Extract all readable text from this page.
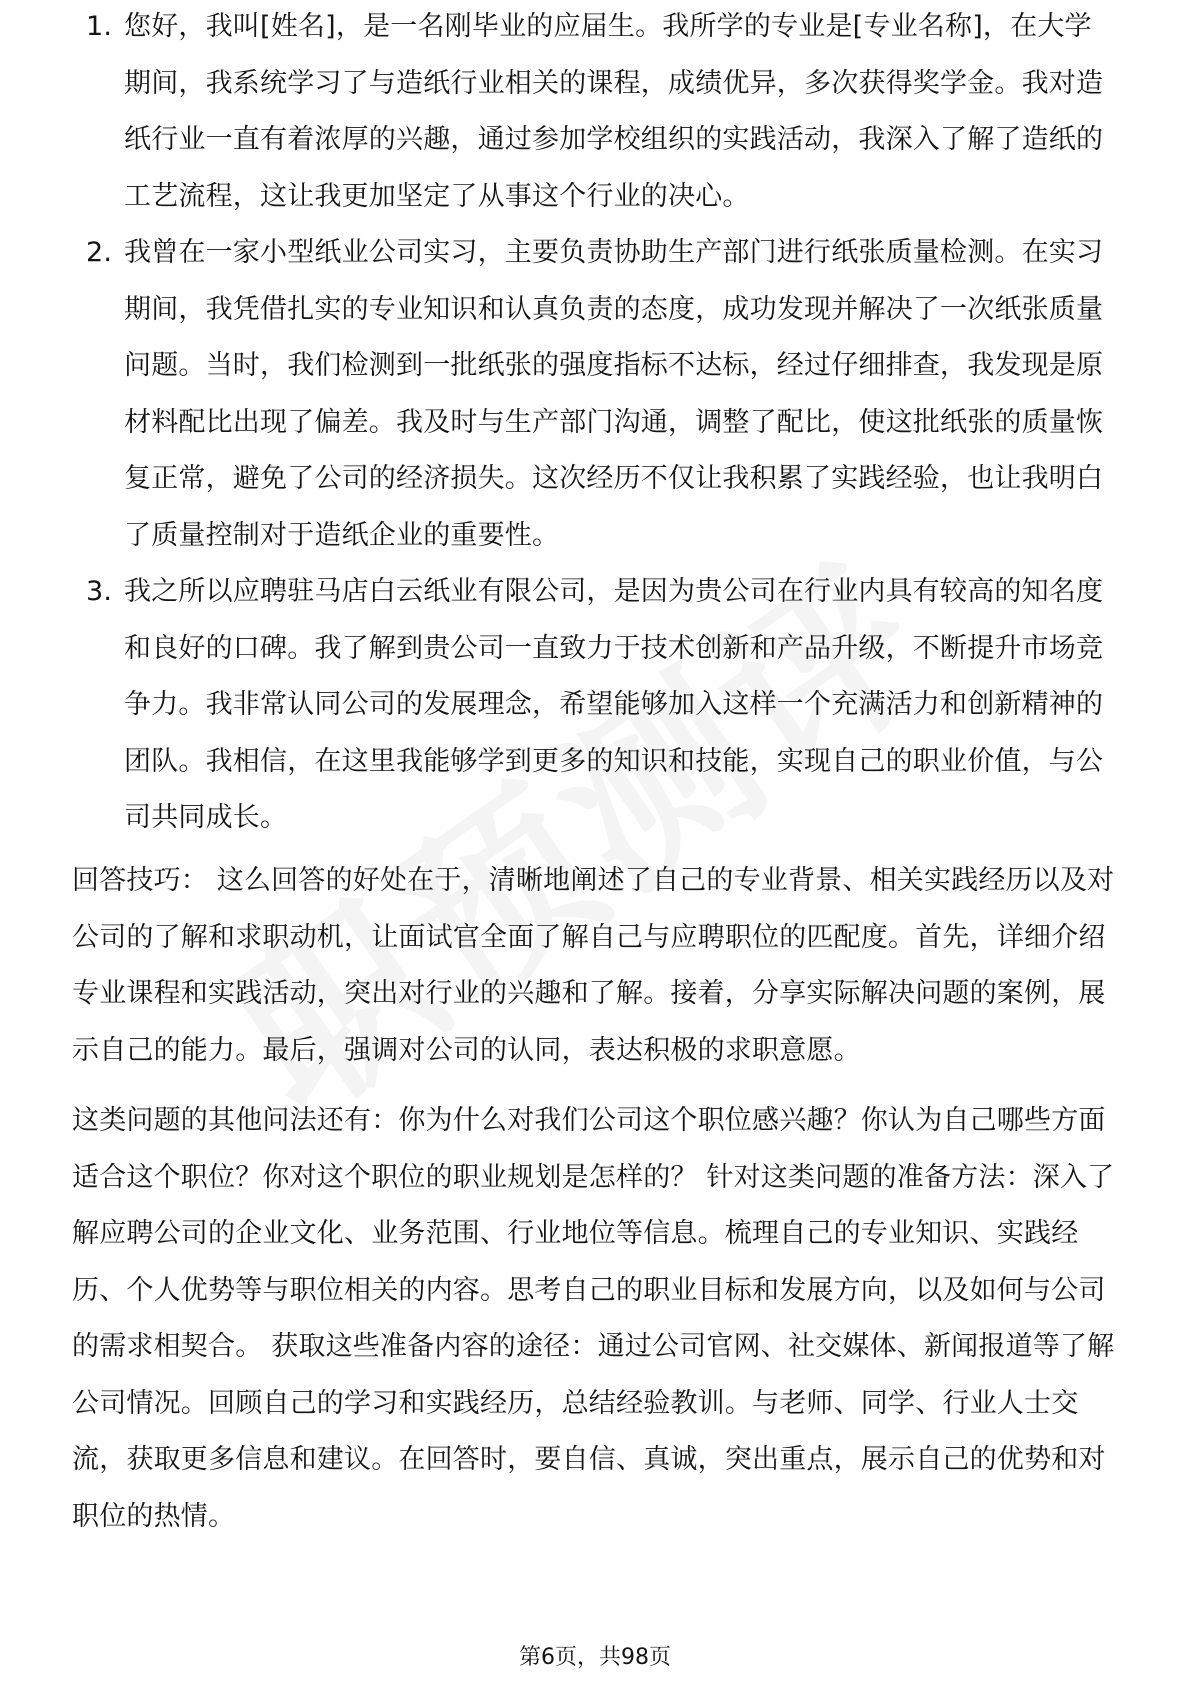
1. 您好，我叫[姓名]，是一名刚毕业的应届生。我所学的专业是[专业名称]，在大学期间，我系统学习了与造纸行业相关的课程，成绩优异，多次获得奖学金。我对造纸行业一直有着浓厚的兴趣，通过参加学校组织的实践活动，我深入了解了造纸的工艺流程，这让我更加坚定了从事这个行业的决心。
2. 我曾在一家小型纸业公司实习，主要负责协助生产部门进行纸张质量检测。在实习期间，我凭借扎实的专业知识和认真负责的态度，成功发现并解决了一次纸张质量问题。当时，我们检测到一批纸张的强度指标不达标，经过仔细排查，我发现是原材料配比出现了偏差。我及时与生产部门沟通，调整了配比，使这批纸张的质量恢复正常，避免了公司的经济损失。这次经历不仅让我积累了实践经验，也让我明白了质量控制对于造纸企业的重要性。
3. 我之所以应聘驻马店白云纸业有限公司，是因为贵公司在行业内具有较高的知名度和良好的口碑。我了解到贵公司一直致力于技术创新和产品升级，不断提升市场竞争力。我非常认同公司的发展理念，希望能够加入这样一个充满活力和创新精神的团队。我相信，在这里我能够学到更多的知识和技能，实现自己的职业价值，与公司共同成长。

回答技巧： 这么回答的好处在于，清晰地阐述了自己的专业背景、相关实践经历以及对公司的了解和求职动机，让面试官全面了解自己与应聘职位的匹配度。首先，详细介绍专业课程和实践活动，突出对行业的兴趣和了解。接着，分享实际解决问题的案例，展示自己的能力。最后，强调对公司的认同，表达积极的求职意愿。

这类问题的其他问法还有：你为什么对我们公司这个职位感兴趣？你认为自己哪些方面适合这个职位？你对这个职位的职业规划是怎样的？ 针对这类问题的准备方法：深入了解应聘公司的企业文化、业务范围、行业地位等信息。梳理自己的专业知识、实践经历、个人优势等与职位相关的内容。思考自己的职业目标和发展方向，以及如何与公司的需求相契合。 获取这些准备内容的途径：通过公司官网、社交媒体、新闻报道等了解公司情况。回顾自己的学习和实践经历，总结经验教训。与老师、同学、行业人士交流，获取更多信息和建议。在回答时，要自信、真诚，突出重点，展示自己的优势和对职位的热情。

第6页，共98页
